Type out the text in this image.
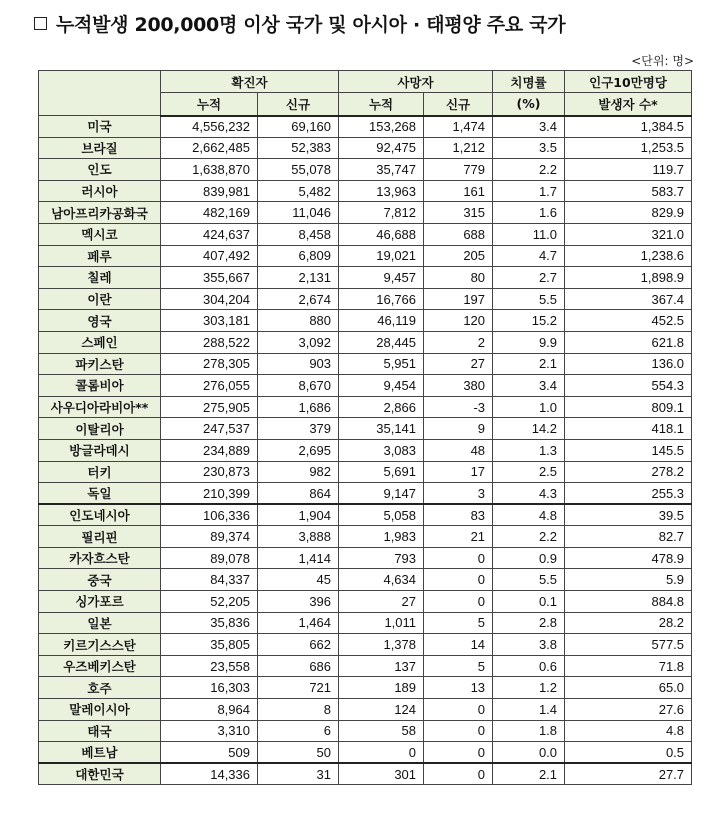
누적발생 200,000명 이상 국가 및 아시아 · 태평양 주요 국가
<단위: 명>
	확진자		사망자		치명률	인구10만명당
	누적	신규	누적	신규	(%)	발생자 수*
미국	4,556,232	69,160	153,268	1,474	3.4	1,384.5
브라질	2,662,485	52,383	92,475	1,212	3.5	1,253.5
인도	1,638,870	55,078	35,747	779	2.2	119.7
러시아	839,981	5,482	13,963	161	1.7	583.7
남아프리카공화국	482,169	11,046	7,812	315	1.6	829.9
멕시코	424,637	8,458	46,688	688	11.0	321.0
페루	407,492	6,809	19,021	205	4.7	1,238.6
칠레	355,667	2,131	9,457	80	2.7	1,898.9
이란	304,204	2,674	16,766	197	5.5	367.4
영국	303,181	880	46,119	120	15.2	452.5
스페인	288,522	3,092	28,445	2	9.9	621.8
파키스탄	278,305	903	5,951	27	2.1	136.0
콜롬비아	276,055	8,670	9,454	380	3.4	554.3
사우디아라비아**	275,905	1,686	2,866	-3	1.0	809.1
이탈리아	247,537	379	35,141	9	14.2	418.1
방글라데시	234,889	2,695	3,083	48	1.3	145.5
터키	230,873	982	5,691	17	2.5	278.2
독일	210,399	864	9,147	3	4.3	255.3
인도네시아	106,336	1,904	5,058	83	4.8	39.5
필리핀	89,374	3,888	1,983	21	2.2	82.7
카자흐스탄	89,078	1,414	793	0	0.9	478.9
중국	84,337	45	4,634	0	5.5	5.9
싱가포르	52,205	396	27	0	0.1	884.8
일본	35,836	1,464	1,011	5	2.8	28.2
키르기스스탄	35,805	662	1,378	14	3.8	577.5
우즈베키스탄	23,558	686	137	5	0.6	71.8
호주	16,303	721	189	13	1.2	65.0
말레이시아	8,964	8	124	0	1.4	27.6
태국	3,310	6	58	0	1.8	4.8
베트남	509	50	0	0	0.0	0.5
대한민국	14,336	31	301	0	2.1	27.7
